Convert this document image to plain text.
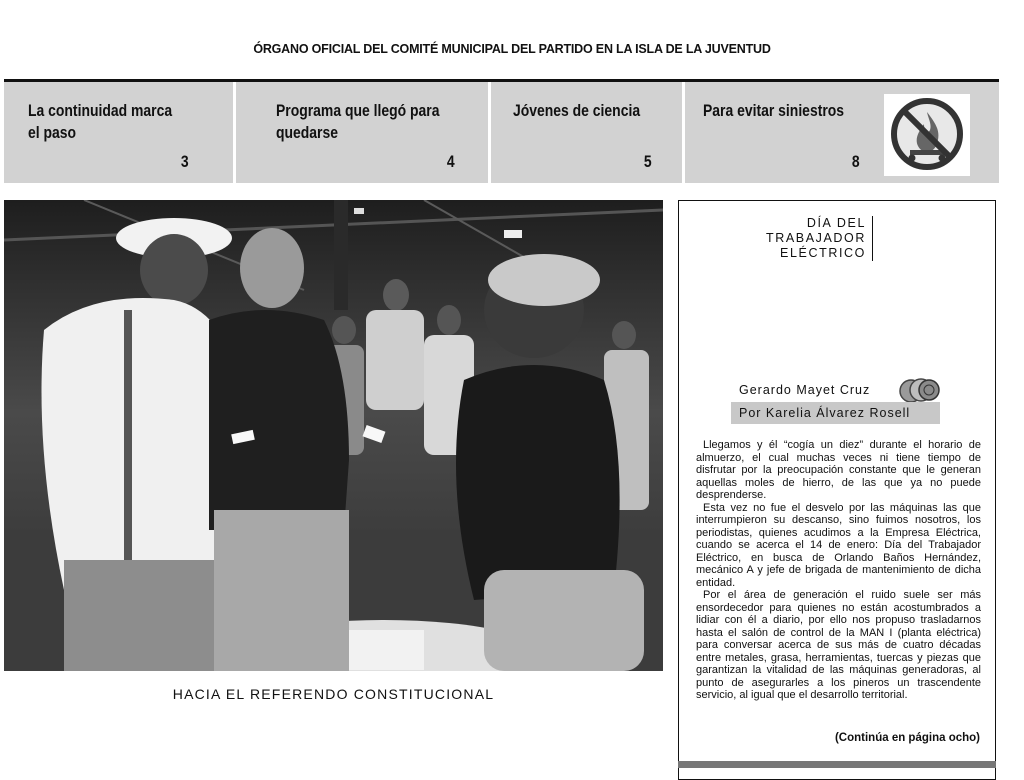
ÓRGANO OFICIAL DEL COMITÉ MUNICIPAL DEL PARTIDO EN LA ISLA DE LA JUVENTUD
La continuidad marca
el paso
3
Programa que llegó para
quedarse
4
Jóvenes de ciencia
5
Para evitar siniestros
8
HACIA EL REFERENDO CONSTITUCIONAL
DÍA DEL
TRABAJADOR
ELÉCTRICO
Gerardo Mayet Cruz
Por Karelia Álvarez Rosell

Llegamos y él “cogía un diez” durante el horario de almuerzo, el cual muchas veces ni tiene tiempo de disfrutar por la preocupación constante que le generan aquellas moles de hierro, de las que ya no puede desprenderse.

Esta vez no fue el desvelo por las máquinas las que interrumpieron su descanso, sino fuimos nosotros, los periodistas, quienes acudimos a la Empresa Eléctrica, cuando se acerca el 14 de enero: Día del Trabajador Eléctrico, en busca de Orlando Baños Hernández, mecánico A y jefe de brigada de mantenimiento de dicha entidad.

Por el área de generación el ruido suele ser más ensordecedor para quienes no están acostumbrados a lidiar con él a diario, por ello nos propuso trasladarnos hasta el salón de control de la MAN I (planta eléctrica) para conversar acerca de sus más de cuatro décadas entre metales, grasa, herramientas, tuercas y piezas que garantizan la vitalidad de las máquinas generadoras, al punto de asegurarles a los pineros un trascendente servicio, al igual que el desarrollo territorial.

(Continúa en página ocho)
